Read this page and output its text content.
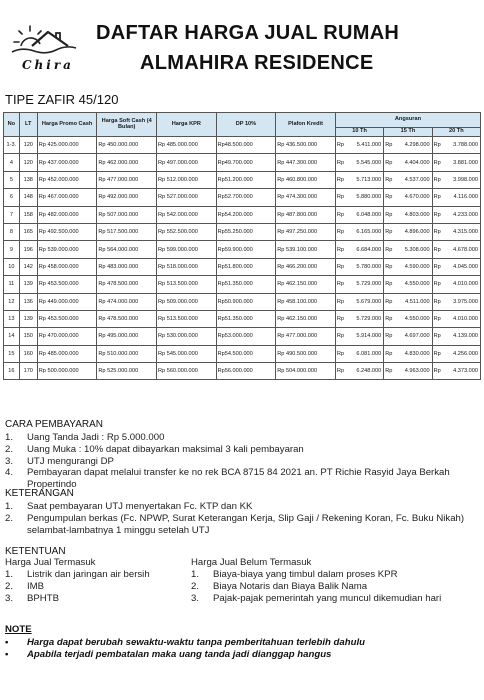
Chira
DAFTAR HARGA JUAL RUMAH
ALMAHIRA RESIDENCE
TIPE ZAFIR 45/120
No	LT	Harga Promo Cash	Harga Soft Cash (4 Bulan)	Harga KPR	DP 10%	Plafon Kredit	Angsuran					
							10 Th		15 Th		20 Th	
1-3.	120	Rp 425.000.000	Rp 450.000.000	Rp 485.000.000	Rp48.500.000	Rp 436.500.000	Rp	5.411.000	Rp	4.298.000	Rp	3.788.000
4	120	Rp 437.000.000	Rp 462.000.000	Rp 497.000.000	Rp49.700.000	Rp 447.300.000	Rp	5.545.000	Rp	4.404.000	Rp	3.881.000
5	138	Rp 452.000.000	Rp 477.000.000	Rp 512.000.000	Rp51.200.000	Rp 460.800.000	Rp	5.713.000	Rp	4.537.000	Rp	3.998.000
6	148	Rp 467.000.000	Rp 492.000.000	Rp 527.000.000	Rp52.700.000	Rp 474.300.000	Rp	5.880.000	Rp	4.670.000	Rp	4.116.000
7	158	Rp 482.000.000	Rp 507.000.000	Rp 542.000.000	Rp54.200.000	Rp 487.800.000	Rp	6.048.000	Rp	4.803.000	Rp	4.233.000
8	165	Rp 492.500.000	Rp 517.500.000	Rp 552.500.000	Rp55.250.000	Rp 497.250.000	Rp	6.165.000	Rp	4.896.000	Rp	4.315.000
9	196	Rp 539.000.000	Rp 564.000.000	Rp 599.000.000	Rp59.900.000	Rp 539.100.000	Rp	6.684.000	Rp	5.308.000	Rp	4.678.000
10	142	Rp 458.000.000	Rp 483.000.000	Rp 518.000.000	Rp51.800.000	Rp 466.200.000	Rp	5.780.000	Rp	4.590.000	Rp	4.045.000
11	139	Rp 453.500.000	Rp 478.500.000	Rp 513.500.000	Rp51.350.000	Rp 462.150.000	Rp	5.729.000	Rp	4.550.000	Rp	4.010.000
12	136	Rp 449.000.000	Rp 474.000.000	Rp 509.000.000	Rp50.900.000	Rp 458.100.000	Rp	5.679.000	Rp	4.511.000	Rp	3.975.000
13	139	Rp 453.500.000	Rp 478.500.000	Rp 513.500.000	Rp51.350.000	Rp 462.150.000	Rp	5.729.000	Rp	4.550.000	Rp	4.010.000
14	150	Rp 470.000.000	Rp 495.000.000	Rp 530.000.000	Rp53.000.000	Rp 477.000.000	Rp	5.914.000	Rp	4.697.000	Rp	4.139.000
15	160	Rp 485.000.000	Rp 510.000.000	Rp 545.000.000	Rp54.500.000	Rp 490.500.000	Rp	6.081.000	Rp	4.830.000	Rp	4.256.000
16	170	Rp 500.000.000	Rp 525.000.000	Rp 560.000.000	Rp56.000.000	Rp 504.000.000	Rp	6.248.000	Rp	4.963.000	Rp	4.373.000
CARA PEMBAYARAN
1.	Uang Tanda Jadi : Rp 5.000.000
2.	Uang Muka : 10% dapat dibayarkan maksimal 3 kali pembayaran
3.	UTJ mengurangi DP
4.	Pembayaran dapat melalui transfer ke no rek BCA 8715 84 2021 an. PT Richie Rasyid Jaya Berkah Propertindo
KETERANGAN
1.	Saat pembayaran UTJ menyertakan Fc. KTP dan KK
2.	Pengumpulan berkas (Fc. NPWP, Surat Keterangan Kerja, Slip Gaji / Rekening Koran, Fc. Buku Nikah) selambat-lambatnya 1 minggu setelah UTJ
KETENTUAN
Harga Jual Termasuk
1.	Listrik dan jaringan air bersih
2.	IMB
3.	BPHTB
Harga Jual Belum Termasuk
1.	Biaya-biaya yang timbul dalam proses KPR
2.	Biaya Notaris dan Biaya Balik Nama
3.	Pajak-pajak pemerintah yang muncul dikemudian hari
NOTE
•	Harga dapat berubah sewaktu-waktu tanpa pemberitahuan terlebih dahulu
•	Apabila terjadi pembatalan maka uang tanda jadi dianggap hangus
